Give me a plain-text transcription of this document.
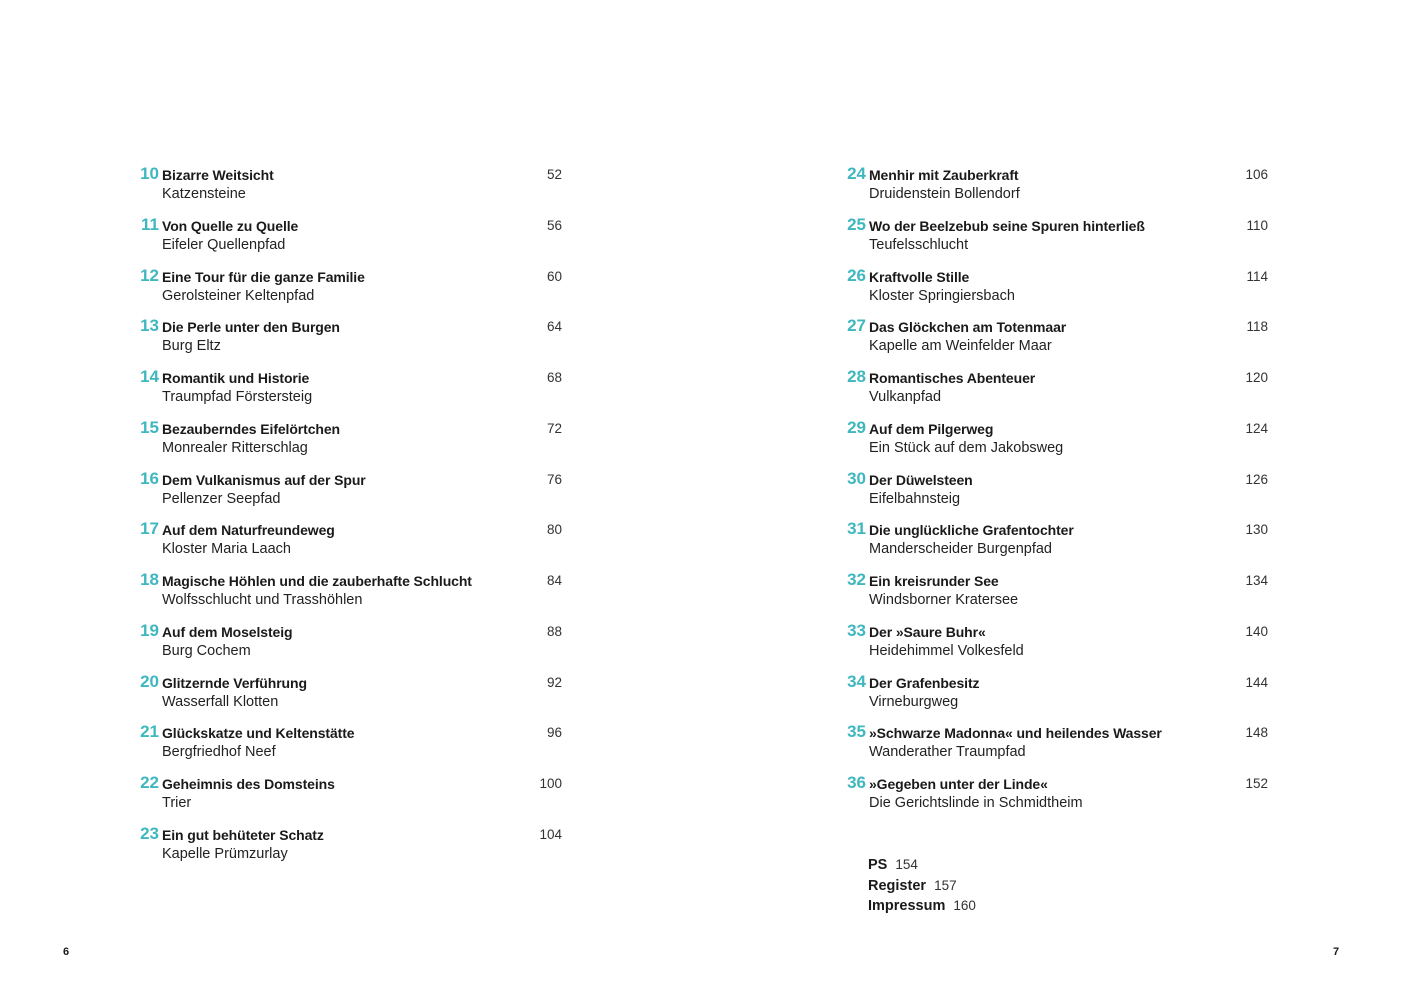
10 Bizarre Weitsicht
Katzensteine
52
11 Von Quelle zu Quelle
Eifeler Quellenpfad
56
12 Eine Tour für die ganze Familie
Gerolsteiner Keltenpfad
60
13 Die Perle unter den Burgen
Burg Eltz
64
14 Romantik und Historie
Traumpfad Förstersteig
68
15 Bezauberndes Eifelörtchen
Monrealer Ritterschlag
72
16 Dem Vulkanismus auf der Spur
Pellenzer Seepfad
76
17 Auf dem Naturfreundeweg
Kloster Maria Laach
80
18 Magische Höhlen und die zauberhafte Schlucht
Wolfsschlucht und Trasshöhlen
84
19 Auf dem Moselsteig
Burg Cochem
88
20 Glitzernde Verführung
Wasserfall Klotten
92
21 Glückskatze und Keltenstätte
Bergfriedhof Neef
96
22 Geheimnis des Domsteins
Trier
100
23 Ein gut behüteter Schatz
Kapelle Prümzurlay
104
24 Menhir mit Zauberkraft
Druidenstein Bollendorf
106
25 Wo der Beelzebub seine Spuren hinterließ
Teufelsschlucht
110
26 Kraftvolle Stille
Kloster Springiersbach
114
27 Das Glöckchen am Totenmaar
Kapelle am Weinfelder Maar
118
28 Romantisches Abenteuer
Vulkanpfad
120
29 Auf dem Pilgerweg
Ein Stück auf dem Jakobsweg
124
30 Der Düwelsteen
Eifelbahnsteig
126
31 Die unglückliche Grafentochter
Manderscheider Burgenpfad
130
32 Ein kreisrunder See
Windsborner Kratersee
134
33 Der »Saure Buhr«
Heidehimmel Volkesfeld
140
34 Der Grafenbesitz
Virneburgweg
144
35 »Schwarze Madonna« und heilendes Wasser
Wanderather Traumpfad
148
36 »Gegeben unter der Linde«
Die Gerichtslinde in Schmidtheim
152
PS 154
Register 157
Impressum 160
6	7
